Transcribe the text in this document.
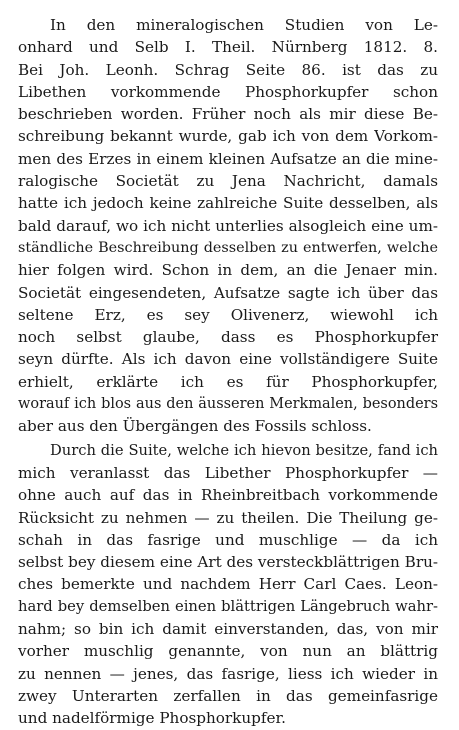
In den mineralogischen Studien von Le-
onhard und Selb I. Theil. Nürnberg 1812. 8.
Bei Joh. Leonh. Schrag Seite 86. ist das zu
Libethen vorkommende Phosphorkupfer schon
beschrieben worden. Früher noch als mir diese Be-
schreibung bekannt wurde, gab ich von dem Vorkom-
men des Erzes in einem kleinen Aufsatze an die mine-
ralogische Societät zu Jena Nachricht, damals
hatte ich jedoch keine zahlreiche Suite desselben, als
bald darauf, wo ich nicht unterlies alsogleich eine um-
ständliche Beschreibung desselben zu entwerfen, welche
hier folgen wird. Schon in dem, an die Jenaer min.
Societät eingesendeten, Aufsatze sagte ich über das
seltene Erz, es sey Olivenerz, wiewohl ich
noch selbst glaube, dass es Phosphorkupfer
seyn dürfte. Als ich davon eine vollständigere Suite
erhielt, erklärte ich es für Phosphorkupfer,
worauf ich blos aus den äusseren Merkmalen, besonders
aber aus den Übergängen des Fossils schloss.
Durch die Suite, welche ich hievon besitze, fand ich
mich veranlasst das Libether Phosphorkupfer —
ohne auch auf das in Rheinbreitbach vorkommende
Rücksicht zu nehmen — zu theilen. Die Theilung ge-
schah in das fasrige und muschlige — da ich
selbst bey diesem eine Art des versteckblättrigen Bru-
ches bemerkte und nachdem Herr Carl Caes. Leon-
hard bey demselben einen blättrigen Längebruch wahr-
nahm; so bin ich damit einverstanden, das, von mir
vorher muschlig genannte, von nun an blättrig
zu nennen — jenes, das fasrige, liess ich wieder in
zwey Unterarten zerfallen in das gemeinfasrige
und nadelförmige Phosphorkupfer.
